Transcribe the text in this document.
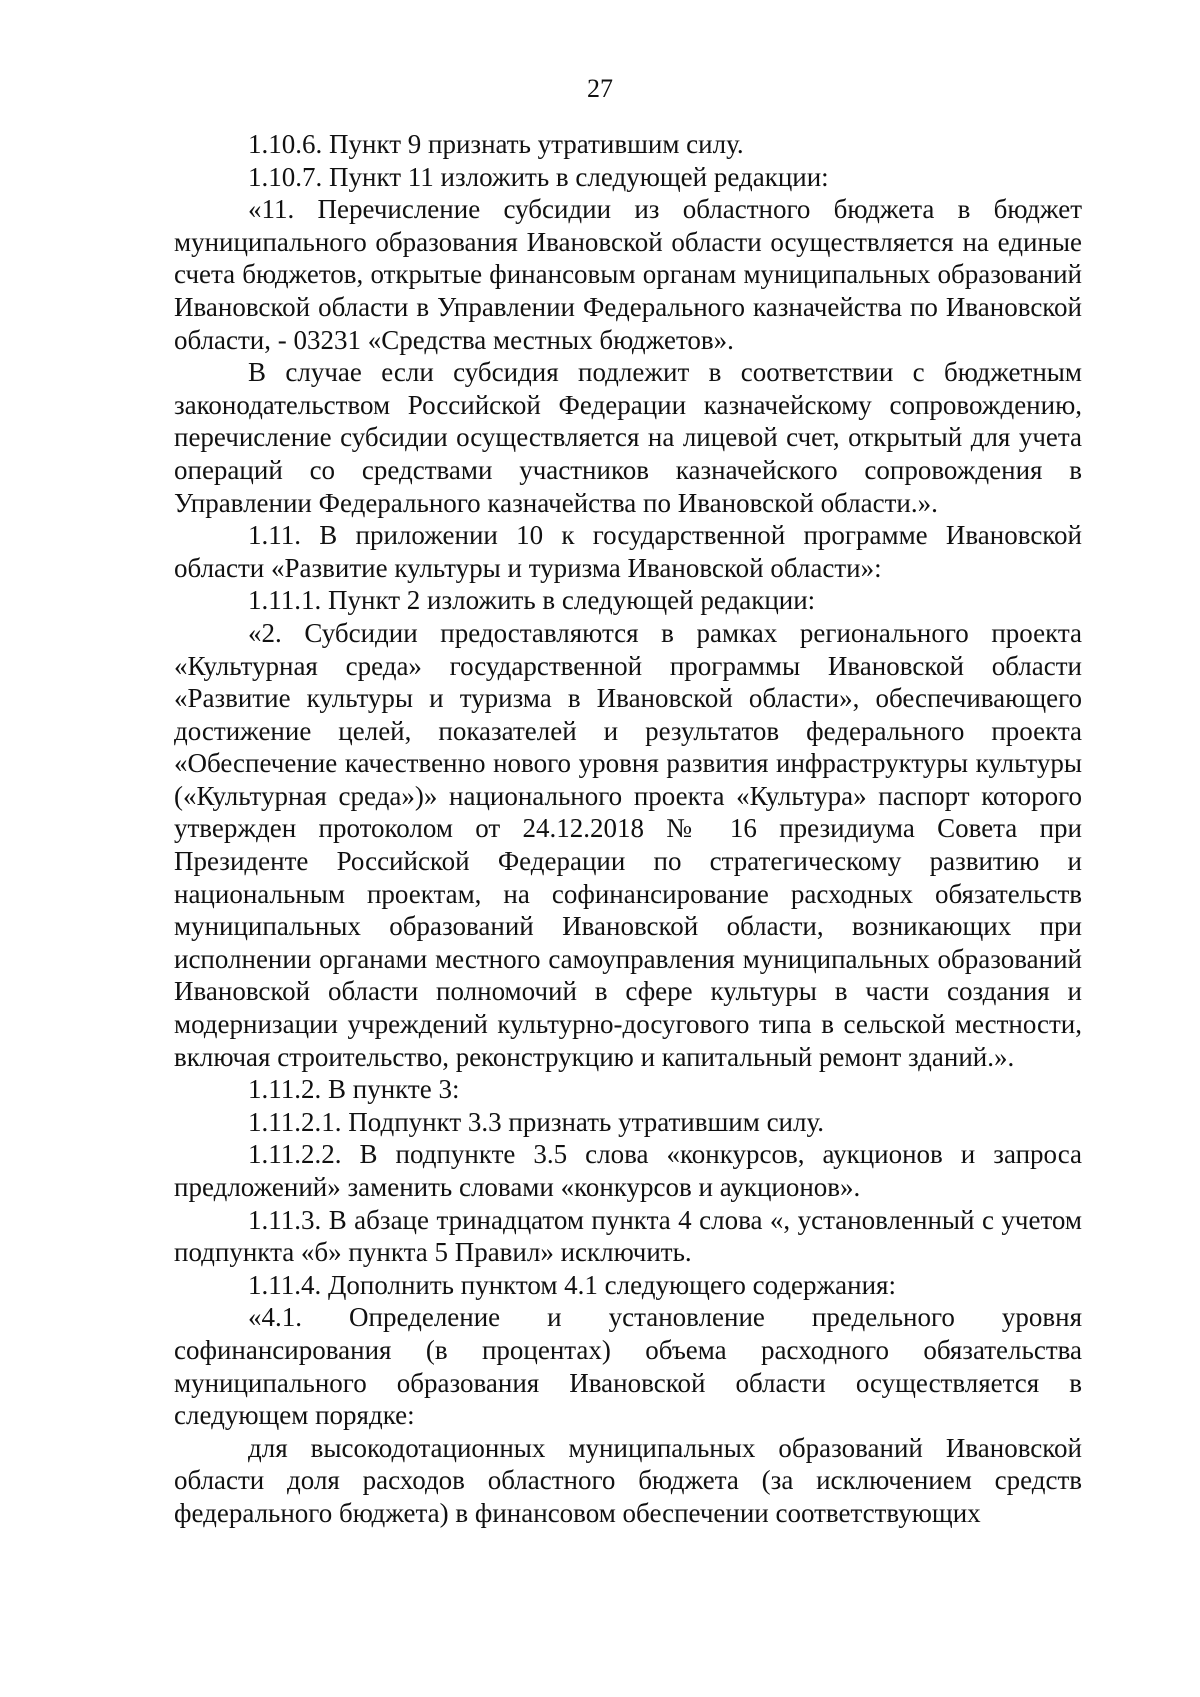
27

1.10.6. Пункт 9 признать утратившим силу.

1.10.7. Пункт 11 изложить в следующей редакции:

«11. Перечисление субсидии из областного бюджета в бюджет муниципального образования Ивановской области осуществляется на единые счета бюджетов, открытые финансовым органам муниципальных образований Ивановской области в Управлении Федерального казначейства по Ивановской области, - 03231 «Средства местных бюджетов».

В случае если субсидия подлежит в соответствии с бюджетным законодательством Российской Федерации казначейскому сопровождению, перечисление субсидии осуществляется на лицевой счет, открытый для учета операций со средствами участников казначейского сопровождения в Управлении Федерального казначейства по Ивановской области.».

1.11. В приложении 10 к государственной программе Ивановской области «Развитие культуры и туризма Ивановской области»:

1.11.1. Пункт 2 изложить в следующей редакции:

«2. Субсидии предоставляются в рамках регионального проекта «Культурная среда» государственной программы Ивановской области «Развитие культуры и туризма в Ивановской области», обеспечивающего достижение целей, показателей и результатов федерального проекта «Обеспечение качественно нового уровня развития инфраструктуры культуры («Культурная среда»)» национального проекта «Культура» паспорт которого утвержден протоколом от 24.12.2018 № 16 президиума Совета при Президенте Российской Федерации по стратегическому развитию и национальным проектам, на софинансирование расходных обязательств муниципальных образований Ивановской области, возникающих при исполнении органами местного самоуправления муниципальных образований Ивановской области полномочий в сфере культуры в части создания и модернизации учреждений культурно-досугового типа в сельской местности, включая строительство, реконструкцию и капитальный ремонт зданий.».

1.11.2. В пункте 3:

1.11.2.1. Подпункт 3.3 признать утратившим силу.

1.11.2.2. В подпункте 3.5 слова «конкурсов, аукционов и запроса предложений» заменить словами «конкурсов и аукционов».

1.11.3. В абзаце тринадцатом пункта 4 слова «, установленный с учетом подпункта «б» пункта 5 Правил» исключить.

1.11.4. Дополнить пунктом 4.1 следующего содержания:

«4.1. Определение и установление предельного уровня софинансирования (в процентах) объема расходного обязательства муниципального образования Ивановской области осуществляется в следующем порядке:

для высокодотационных муниципальных образований Ивановской области доля расходов областного бюджета (за исключением средств федерального бюджета) в финансовом обеспечении соответствующих
